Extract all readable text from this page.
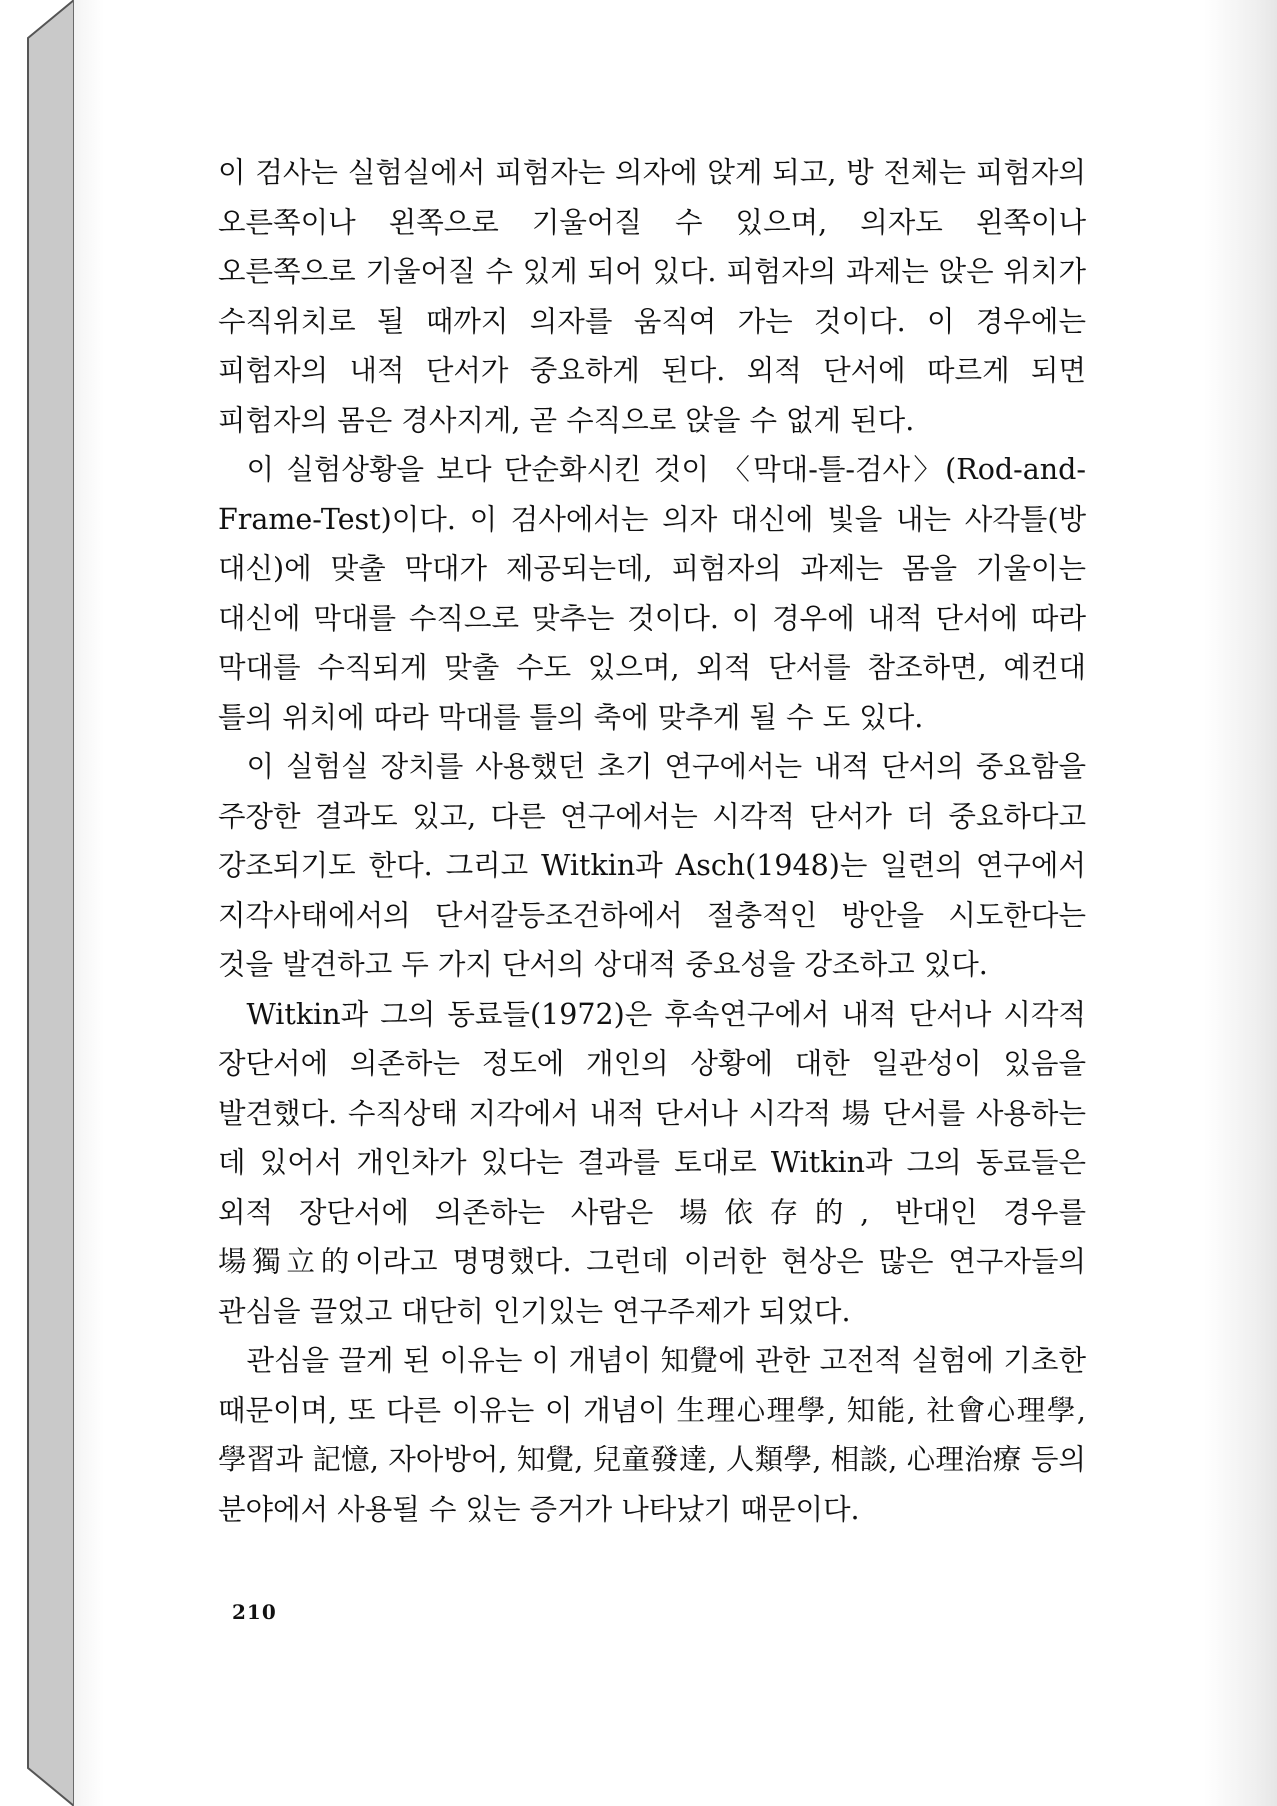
이 검사는 실험실에서 피험자는 의자에 앉게 되고, 방 전체는 피험자의 오른쪽이나 왼쪽으로 기울어질 수 있으며, 의자도 왼쪽이나 오른쪽으로 기울어질 수 있게 되어 있다. 피험자의 과제는 앉은 위치가 수직위치로 될 때까지 의자를 움직여 가는 것이다. 이 경우에는 피험자의 내적 단서가 중요하게 된다. 외적 단서에 따르게 되면 피험자의 몸은 경사지게, 곧 수직으로 앉을 수 없게 된다.

이 실험상황을 보다 단순화시킨 것이 〈막대-틀-검사〉(Rod-and-Frame-Test)이다. 이 검사에서는 의자 대신에 빛을 내는 사각틀(방 대신)에 맞출 막대가 제공되는데, 피험자의 과제는 몸을 기울이는 대신에 막대를 수직으로 맞추는 것이다. 이 경우에 내적 단서에 따라 막대를 수직되게 맞출 수도 있으며, 외적 단서를 참조하면, 예컨대 틀의 위치에 따라 막대를 틀의 축에 맞추게 될 수 도 있다.

이 실험실 장치를 사용했던 초기 연구에서는 내적 단서의 중요함을 주장한 결과도 있고, 다른 연구에서는 시각적 단서가 더 중요하다고 강조되기도 한다. 그리고 Witkin과 Asch(1948)는 일련의 연구에서 지각사태에서의 단서갈등조건하에서 절충적인 방안을 시도한다는 것을 발견하고 두 가지 단서의 상대적 중요성을 강조하고 있다.

Witkin과 그의 동료들(1972)은 후속연구에서 내적 단서나 시각적 장단서에 의존하는 정도에 개인의 상황에 대한 일관성이 있음을 발견했다. 수직상태 지각에서 내적 단서나 시각적 場 단서를 사용하는 데 있어서 개인차가 있다는 결과를 토대로 Witkin과 그의 동료들은 외적 장단서에 의존하는 사람은 場依存的, 반대인 경우를 場獨立的이라고 명명했다. 그런데 이러한 현상은 많은 연구자들의 관심을 끌었고 대단히 인기있는 연구주제가 되었다.

관심을 끌게 된 이유는 이 개념이 知覺에 관한 고전적 실험에 기초한 때문이며, 또 다른 이유는 이 개념이 生理心理學, 知能, 社會心理學, 學習과 記憶, 자아방어, 知覺, 兒童發達, 人類學, 相談, 心理治療 등의 분야에서 사용될 수 있는 증거가 나타났기 때문이다.

210
